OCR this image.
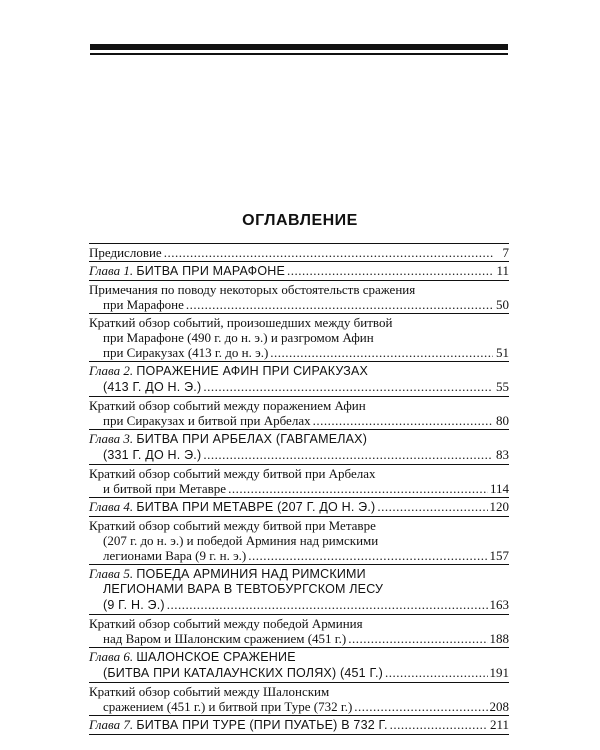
ОГЛАВЛЕНИЕ
Предисловие .....	7
Глава 1. БИТВА ПРИ МАРАФОНЕ .....	11
Примечания по поводу некоторых обстоятельств сражения
при Марафоне .....	50
Краткий обзор событий, произошедших между битвой
при Марафоне (490 г. до н. э.) и разгромом Афин
при Сиракузах (413 г. до н. э.) .....	51
Глава 2. ПОРАЖЕНИЕ АФИН ПРИ СИРАКУЗАХ
(413 Г. ДО Н. Э.) .....	55
Краткий обзор событий между поражением Афин
при Сиракузах и битвой при Арбелах .....	80
Глава 3. БИТВА ПРИ АРБЕЛАХ (ГАВГАМЕЛАХ)
(331 Г. ДО Н. Э.) .....	83
Краткий обзор событий между битвой при Арбелах
и битвой при Метавре .....	114
Глава 4. БИТВА ПРИ МЕТАВРЕ (207 Г. ДО Н. Э.) .....	120
Краткий обзор событий между битвой при Метавре
(207 г. до н. э.) и победой Арминия над римскими
легионами Вара (9 г. н. э.) .....	157
Глава 5. ПОБЕДА АРМИНИЯ НАД РИМСКИМИ
ЛЕГИОНАМИ ВАРА В ТЕВТОБУРГСКОМ ЛЕСУ
(9 Г. Н. Э.) .....	163
Краткий обзор событий между победой Арминия
над Варом и Шалонским сражением (451 г.) .....	188
Глава 6. ШАЛОНСКОЕ СРАЖЕНИЕ
(БИТВА ПРИ КАТАЛАУНСКИХ ПОЛЯХ) (451 Г.) .....	191
Краткий обзор событий между Шалонским
сражением (451 г.) и битвой при Туре (732 г.) .....	208
Глава 7. БИТВА ПРИ ТУРЕ (ПРИ ПУАТЬЕ) В 732 Г. .....	211
